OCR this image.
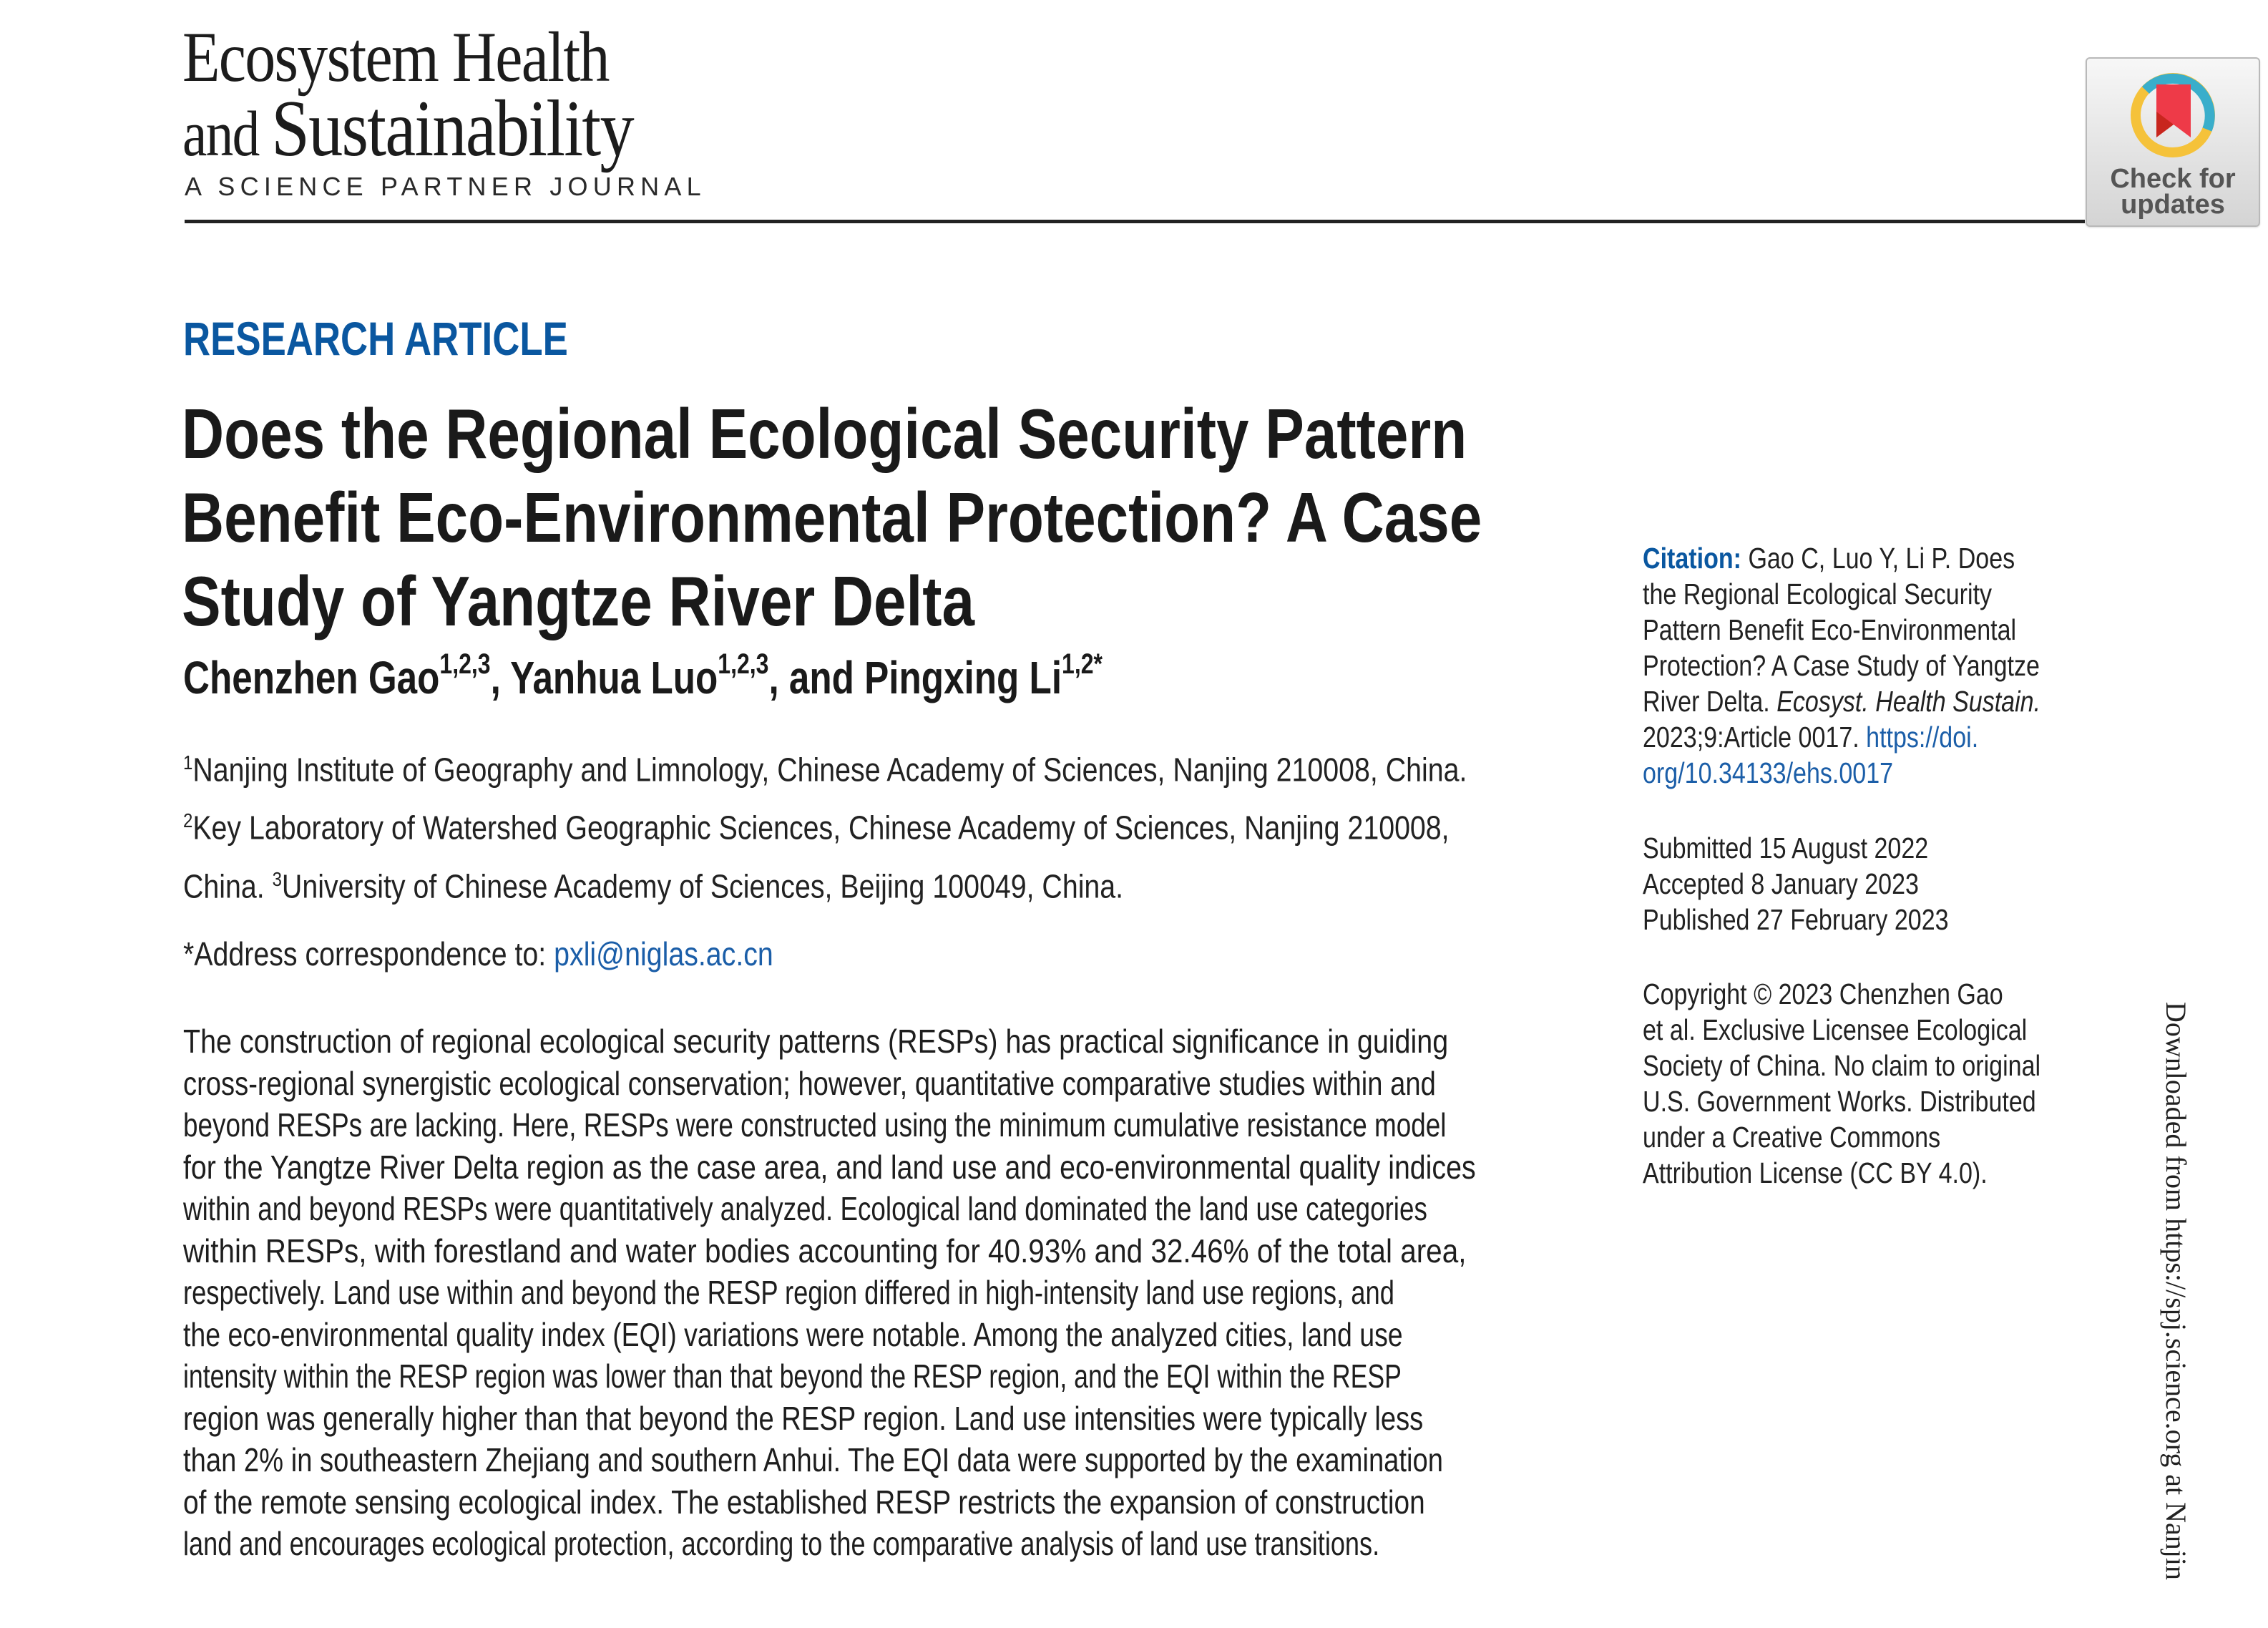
Ecosystem Health
and Sustainability
A SCIENCE PARTNER JOURNAL	Check for
updates
RESEARCH ARTICLE
Does the Regional Ecological Security Pattern
Benefit Eco-Environmental Protection? A Case
Study of Yangtze River Delta
Chenzhen Gao$^{1,2,3}$, Yanhua Luo$^{1,2,3}$, and Pingxing $Li^{1,2*}$
$^1$Nanjing Institute of Geography and Limnology, Chinese Academy of Sciences, Nanjing 210008, China.
$^2$Key Laboratory of Watershed Geographic Sciences, Chinese Academy of Sciences, Nanjing 210008,
China. $^3$University of Chinese Academy of Sciences, Beijing 100049, China.
*Address correspondence to: pxli@niglas.ac.cn
The construction of regional ecological security patterns (RESPs) has practical significance in guiding
cross-regional synergistic ecological conservation; however, quantitative comparative studies within and
beyond RESPs are lacking. Here, RESPs were constructed using the minimum cumulative resistance model
for the Yangtze River Delta region as the case area, and land use and eco-environmental quality indices
within and beyond RESPs were quantitatively analyzed. Ecological land dominated the land use categories
within RESPs, with forestland and water bodies accounting for 40.93% and 32.46% of the total area,
respectively. Land use within and beyond the RESP region differed in high-intensity land use regions, and
the eco-environmental quality index (EQI) variations were notable. Among the analyzed cities, land use
intensity within the RESP region was lower than that beyond the RESP region, and the EQI within the RESP
region was generally higher than that beyond the RESP region. Land use intensities were typically less
than 2% in southeastern Zhejiang and southern Anhui. The EQI data were supported by the examination
of the remote sensing ecological index. The established RESP restricts the expansion of construction
land and encourages ecological protection, according to the comparative analysis of land use transitions.
Citation: Gao C, Luo Y, Li P. Does
the Regional Ecological Security
Pattern Benefit Eco-Environmental
Protection? A Case Study of Yangtze
River Delta. Ecosyst. Health Sustain.
2023;9:Article 0017. https://doi.
org/10.34133/ehs.0017
Submitted 15 August 2022
Accepted 8 January 2023
Published 27 February 2023
Copyright © 2023 Chenzhen Gao
et al. Exclusive Licensee Ecological
Society of China. No claim to original
U.S. Government Works. Distributed
under a Creative Commons
Attribution License (CC BY 4.0).	Downloaded from https://spj.science.org at Nanjin
